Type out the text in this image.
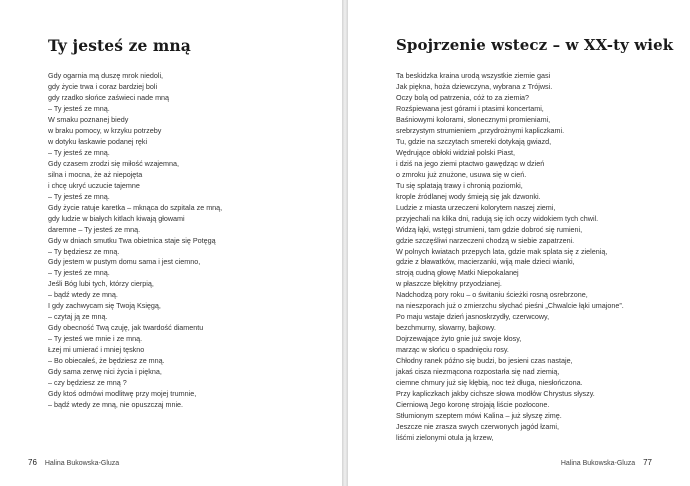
Ty jesteś ze mną
Gdy ogarnia mą duszę mrok niedoli,
gdy życie trwa i coraz bardziej boli
gdy rzadko słońce zaświeci nade mną
– Ty jesteś ze mną.
W smaku poznanej biedy
w braku pomocy, w krzyku potrzeby
w dotyku łaskawie podanej ręki
– Ty jesteś ze mną.
Gdy czasem zrodzi się miłość wzajemna,
silna i mocna, że aż niepojęta
i chcę ukryć uczucie tajemne
– Ty jesteś ze mną.
Gdy życie ratuje karetka – mknąca do szpitala ze mną,
gdy ludzie w białych kitlach kiwają głowami
daremne – Ty jesteś ze mną.
Gdy w dniach smutku Twa obietnica staje się Potęgą
– Ty będziesz ze mną.
Gdy jestem w pustym domu sama i jest ciemno,
– Ty jesteś ze mną.
Jeśli Bóg lubi tych, którzy cierpią,
– bądź wtedy ze mną.
I gdy zachwycam się Twoją Księgą,
– czytaj ją ze mną.
Gdy obecność Twą czuję, jak twardość diamentu
– Ty jesteś we mnie i ze mną.
Łzej mi umierać i mniej tęskno
– Bo obiecałeś, że będziesz ze mną.
Gdy sama zerwę nici życia i piękna,
– czy będziesz ze mną ?
Gdy ktoś odmówi modlitwę przy mojej trumnie,
– bądź wtedy ze mną, nie opuszczaj mnie.
76 Halina Bukowska-Gluza
Spojrzenie wstecz – w XX-ty wiek
Ta beskidzka kraina urodą wszystkie ziemie gasi
Jak piękna, hoża dziewczyna, wybrana z Trójwsi.
Oczy bolą od patrzenia, cóż to za ziemia?
Rozśpiewana jest górami i ptasimi koncertami,
Baśniowymi kolorami, słonecznymi promieniami,
srebrzystym strumieniem „przydrożnymi kapliczkami.
Tu, gdzie na szczytach smereki dotykają gwiazd,
Wędrujące obłoki widział polski Piast,
i dziś na jego ziemi ptactwo gawędząc w dzień
o zmroku już znużone, usuwa się w cień.
Tu się splatają trawy i chronią poziomki,
krople źródlanej wody śmieją się jak dzwonki.
Ludzie z miasta urzeczeni kolorytem naszej ziemi,
przyjechali na klika dni, radują się ich oczy widokiem tych chwil.
Widzą łąki, wstęgi strumieni, tam gdzie dobroć się rumieni,
gdzie szczęśliwi narzeczeni chodzą w siebie zapatrzeni.
W polnych kwiatach przepych lata, gdzie mak splata się z zielenią,
gdzie z bławatków, macierzanki, wiją małe dzieci wianki,
stroją cudną głowę Matki Niepokalanej
w płaszcze błękitny przyodzianej.
Nadchodzą pory roku – o świtaniu ścieżki rosną osrebrzone,
na nieszporach już o zmierzchu słychać pieśni „Chwalcie łąki umajone”.
Po maju wstaje dzień jasnoskrzydły, czerwcowy,
bezchmurny, skwarny, bajkowy.
Dojrzewające żyto gnie już swoje kłosy,
marząc w słońcu o spadnięciu rosy.
Chłodny ranek późno się budzi, bo jesieni czas nastaje,
jakaś cisza niezmącona rozpostarła się nad ziemią,
ciemne chmury już się kłębią, noc też długa, niesłończona.
Przy kapliczkach jakby cichsze słowa modłów Chrystus słyszy.
Cierniową Jego koronę strojają liście pozłocone.
Stłumionym szeptem mówi Kalina – już słyszę zimę.
Jeszcze nie zrasza swych czerwonych jagód łzami,
liśćmi zielonymi otula ją krzew,
Halina Bukowska-Gluza 77
